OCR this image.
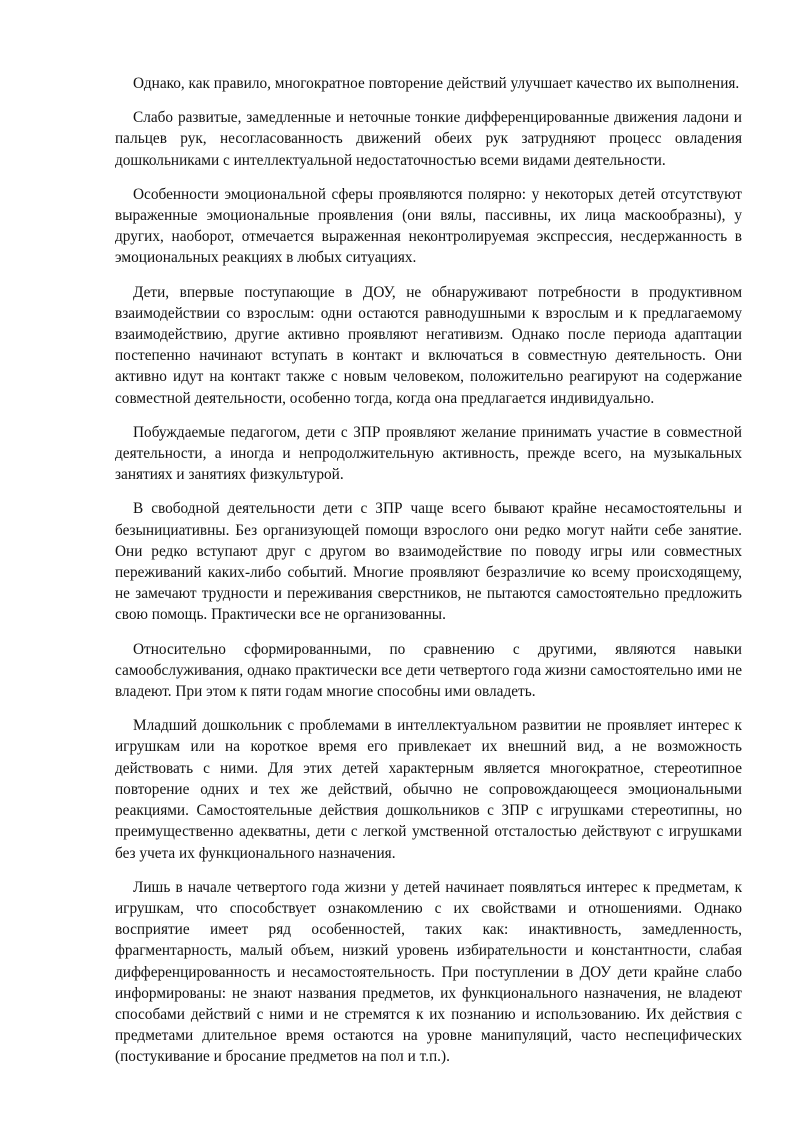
Однако, как правило, многократное повторение действий улучшает качество их выполнения.

Слабо развитые, замедленные и неточные тонкие дифференцированные движения ладони и пальцев рук, несогласованность движений обеих рук затрудняют процесс овладения дошкольниками с интеллектуальной недостаточностью всеми видами деятельности.

Особенности эмоциональной сферы проявляются полярно: у некоторых детей отсутствуют выраженные эмоциональные проявления (они вялы, пассивны, их лица маскообразны), у других, наоборот, отмечается выраженная неконтролируемая экспрессия, несдержанность в эмоциональных реакциях в любых ситуациях.

Дети, впервые поступающие в ДОУ, не обнаруживают потребности в продуктивном взаимодействии со взрослым: одни остаются равнодушными к взрослым и к предлагаемому взаимодействию, другие активно проявляют негативизм. Однако после периода адаптации постепенно начинают вступать в контакт и включаться в совместную деятельность. Они активно идут на контакт также с новым человеком, положительно реагируют на содержание совместной деятельности, особенно тогда, когда она предлагается индивидуально.

Побуждаемые педагогом, дети с ЗПР проявляют желание принимать участие в совместной деятельности, а иногда и непродолжительную активность, прежде всего, на музыкальных занятиях и занятиях физкультурой.

В свободной деятельности дети с ЗПР чаще всего бывают крайне несамостоятельны и безынициативны. Без организующей помощи взрослого они редко могут найти себе занятие. Они редко вступают друг с другом во взаимодействие по поводу игры или совместных переживаний каких-либо событий. Многие проявляют безразличие ко всему происходящему, не замечают трудности и переживания сверстников, не пытаются самостоятельно предложить свою помощь. Практически все не организованны.

Относительно сформированными, по сравнению с другими, являются навыки самообслуживания, однако практически все дети четвертого года жизни самостоятельно ими не владеют. При этом к пяти годам многие способны ими овладеть.

Младший дошкольник с проблемами в интеллектуальном развитии не проявляет интерес к игрушкам или на короткое время его привлекает их внешний вид, а не возможность действовать с ними. Для этих детей характерным является многократное, стереотипное повторение одних и тех же действий, обычно не сопровождающееся эмоциональными реакциями. Самостоятельные действия дошкольников с ЗПР с игрушками стереотипны, но преимущественно адекватны, дети с легкой умственной отсталостью действуют с игрушками без учета их функционального назначения.

Лишь в начале четвертого года жизни у детей начинает появляться интерес к предметам, к игрушкам, что способствует ознакомлению с их свойствами и отношениями. Однако восприятие имеет ряд особенностей, таких как: инактивность, замедленность, фрагментарность, малый объем, низкий уровень избирательности и константности, слабая дифференцированность и несамостоятельность. При поступлении в ДОУ дети крайне слабо информированы: не знают названия предметов, их функционального назначения, не владеют способами действий с ними и не стремятся к их познанию и использованию. Их действия с предметами длительное время остаются на уровне манипуляций, часто неспецифических (постукивание и бросание предметов на пол и т.п.).
